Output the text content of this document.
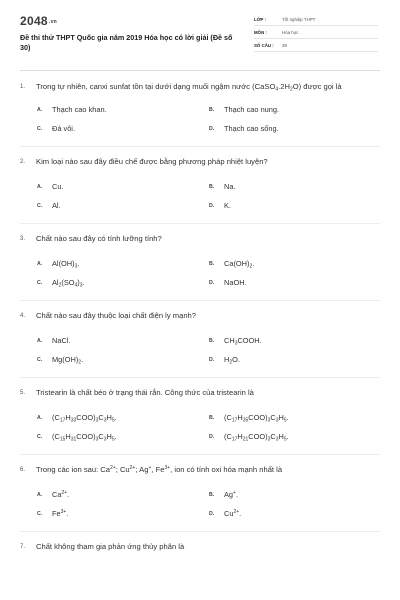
2048.vn
Đề thi thử THPT Quốc gia năm 2019 Hóa học có lời giải (Đề số 30)
LỚP :	Tốt nghiệp THPT
MÔN :	Hóa học
SỐ CÂU :	39
1.	Trong tự nhiên, canxi sunfat tồn tại dưới dạng muối ngậm nước $(CaSO_4.2H_2O)$ được gọi là
A.	Thạch cao khan.	B.	Thạch cao nung.
C.	Đá vôi.	D.	Thạch cao sống.
2.	Kim loại nào sau đây điều chế được bằng phương pháp nhiệt luyện?
A.	Cu.	B.	Na.
C.	Al.	D.	K.
3.	Chất nào sau đây có tính lưỡng tính?
A.	$Al(OH)_3$.	B.	$Ca(OH)_2$.
C.	$Al_2(SO_4)_3$.	D.	NaOH.
4.	Chất nào sau đây thuộc loại chất điện ly mạnh?
A.	NaCl.	B.	$CH_3COOH$.
C.	$Mg(OH)_2$.	D.	$H_2O$.
5.	Tristearin là chất béo ở trạng thái rắn. Công thức của tristearin là
A.	$(C_{17}H_{33}COO)_3C_3H_5$.	B.	$(C_{17}H_{35}COO)_3C_3H_5$.
C.	$(C_{15}H_{31}COO)_3C_3H_5$.	D.	$(C_{17}H_{21}COO)_3C_3H_5$.
6.	Trong các ion sau: $Ca^{2+}$; $Cu^{2+}$; Ag+, $Fe^{3+}$, ion có tính oxi hóa mạnh nhất là
A.	$Ca^{2+}$.	B.	Ag+.
C.	$Fe^{3+}$.	D.	$Cu^{2+}$.
7.	Chất không tham gia phản ứng thủy phân là
